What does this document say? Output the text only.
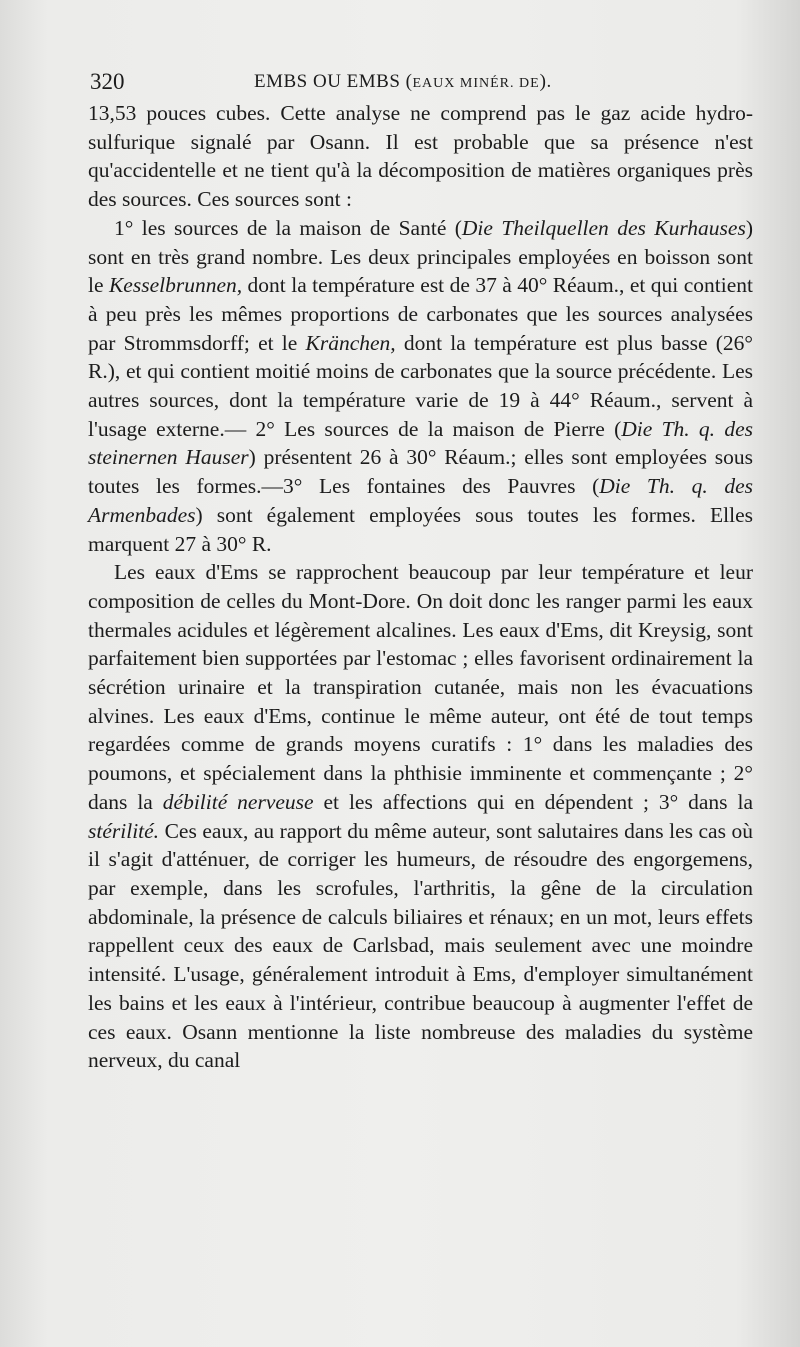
320	EMBS OU EMBS (EAUX MINÉR. DE).

13,53 pouces cubes. Cette analyse ne comprend pas le gaz acide hydro-sulfurique signalé par Osann. Il est probable que sa présence n'est qu'accidentelle et ne tient qu'à la décomposition de matières organiques près des sources. Ces sources sont :

1° les sources de la maison de Santé (Die Theilquellen des Kurhauses) sont en très grand nombre. Les deux principales employées en boisson sont le Kesselbrunnen, dont la température est de 37 à 40° Réaum., et qui contient à peu près les mêmes proportions de carbonates que les sources analysées par Strommsdorff; et le Kränchen, dont la température est plus basse (26° R.), et qui contient moitié moins de carbonates que la source précédente. Les autres sources, dont la température varie de 19 à 44° Réaum., servent à l'usage externe.— 2° Les sources de la maison de Pierre (Die Th. q. des steinernen Hauser) présentent 26 à 30° Réaum.; elles sont employées sous toutes les formes.—3° Les fontaines des Pauvres (Die Th. q. des Armenbades) sont également employées sous toutes les formes. Elles marquent 27 à 30° R.

Les eaux d'Ems se rapprochent beaucoup par leur température et leur composition de celles du Mont-Dore. On doit donc les ranger parmi les eaux thermales acidules et légèrement alcalines. Les eaux d'Ems, dit Kreysig, sont parfaitement bien supportées par l'estomac ; elles favorisent ordinairement la sécrétion urinaire et la transpiration cutanée, mais non les évacuations alvines. Les eaux d'Ems, continue le même auteur, ont été de tout temps regardées comme de grands moyens curatifs : 1° dans les maladies des poumons, et spécialement dans la phthisie imminente et commençante ; 2° dans la débilité nerveuse et les affections qui en dépendent ; 3° dans la stérilité. Ces eaux, au rapport du même auteur, sont salutaires dans les cas où il s'agit d'atténuer, de corriger les humeurs, de résoudre des engorgemens, par exemple, dans les scrofules, l'arthritis, la gêne de la circulation abdominale, la présence de calculs biliaires et rénaux; en un mot, leurs effets rappellent ceux des eaux de Carlsbad, mais seulement avec une moindre intensité. L'usage, généralement introduit à Ems, d'employer simultanément les bains et les eaux à l'intérieur, contribue beaucoup à augmenter l'effet de ces eaux. Osann mentionne la liste nombreuse des maladies du système nerveux, du canal
